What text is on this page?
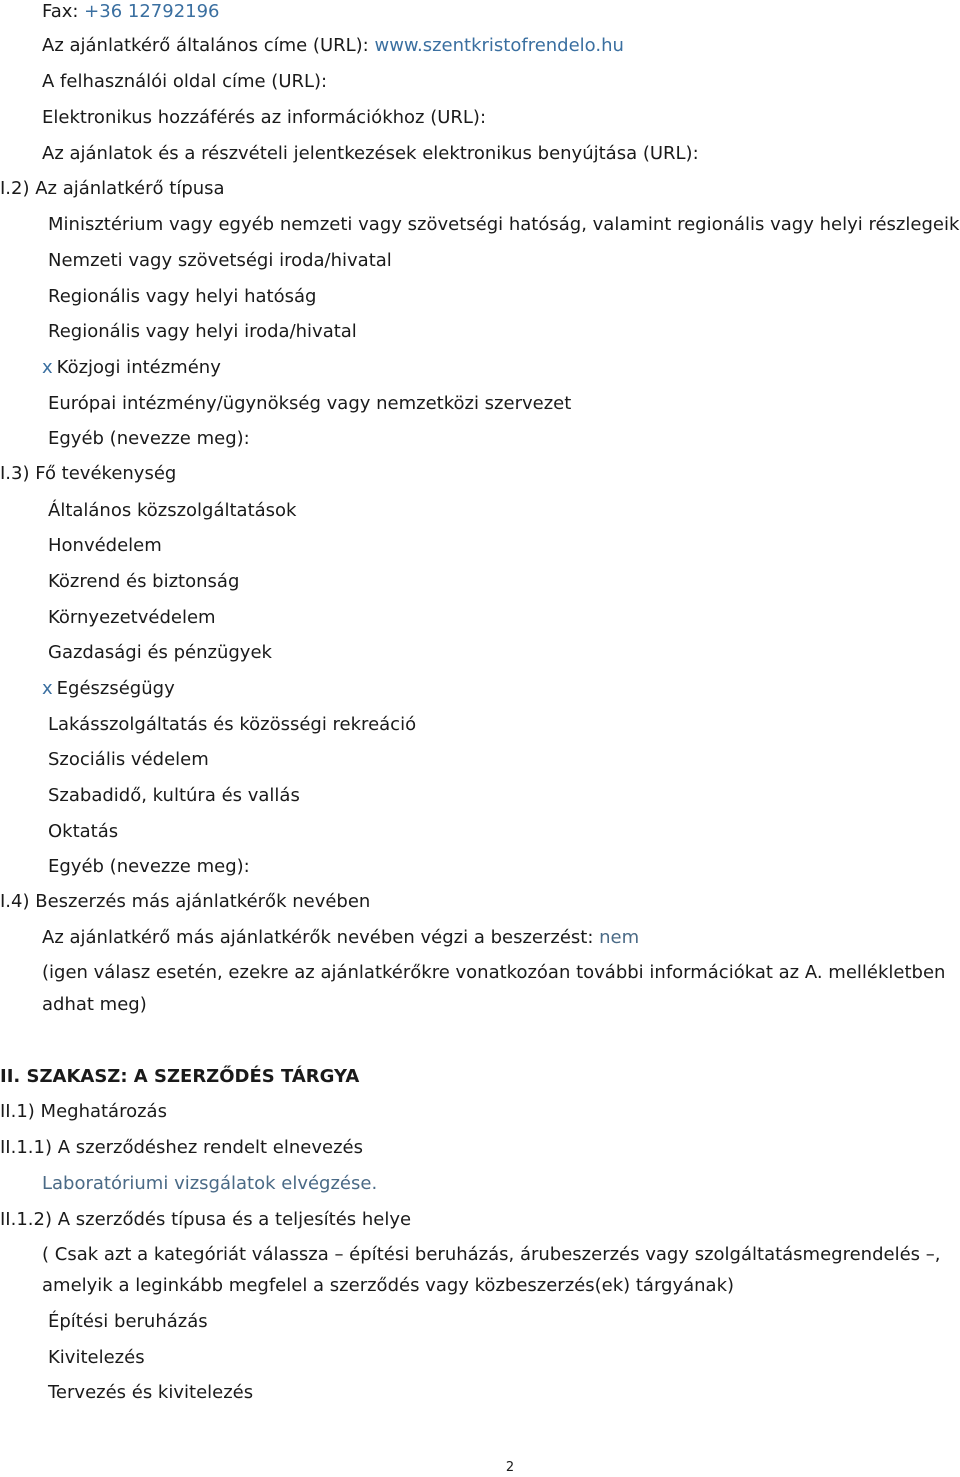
Fax: +36 12792196
Az ajánlatkérő általános címe (URL): www.szentkristofrendelo.hu
A felhasználói oldal címe (URL):
Elektronikus hozzáférés az információkhoz (URL):
Az ajánlatok és a részvételi jelentkezések elektronikus benyújtása (URL):
I.2) Az ajánlatkérő típusa
Minisztérium vagy egyéb nemzeti vagy szövetségi hatóság, valamint regionális vagy helyi részlegeik
Nemzeti vagy szövetségi iroda/hivatal
Regionális vagy helyi hatóság
Regionális vagy helyi iroda/hivatal
x Közjogi intézmény
Európai intézmény/ügynökség vagy nemzetközi szervezet
Egyéb (nevezze meg):
I.3) Fő tevékenység
Általános közszolgáltatások
Honvédelem
Közrend és biztonság
Környezetvédelem
Gazdasági és pénzügyek
x Egészségügy
Lakásszolgáltatás és közösségi rekreáció
Szociális védelem
Szabadidő, kultúra és vallás
Oktatás
Egyéb (nevezze meg):
I.4) Beszerzés más ajánlatkérők nevében
Az ajánlatkérő más ajánlatkérők nevében végzi a beszerzést: nem
(igen válasz esetén, ezekre az ajánlatkérőkre vonatkozóan további információkat az A. mellékletben
adhat meg)
II. SZAKASZ: A SZERZŐDÉS TÁRGYA
II.1) Meghatározás
II.1.1) A szerződéshez rendelt elnevezés
Laboratóriumi vizsgálatok elvégzése.
II.1.2) A szerződés típusa és a teljesítés helye
( Csak azt a kategóriát válassza – építési beruházás, árubeszerzés vagy szolgáltatásmegrendelés –,
amelyik a leginkább megfelel a szerződés vagy közbeszerzés(ek) tárgyának)
Építési beruházás
Kivitelezés
Tervezés és kivitelezés
2
